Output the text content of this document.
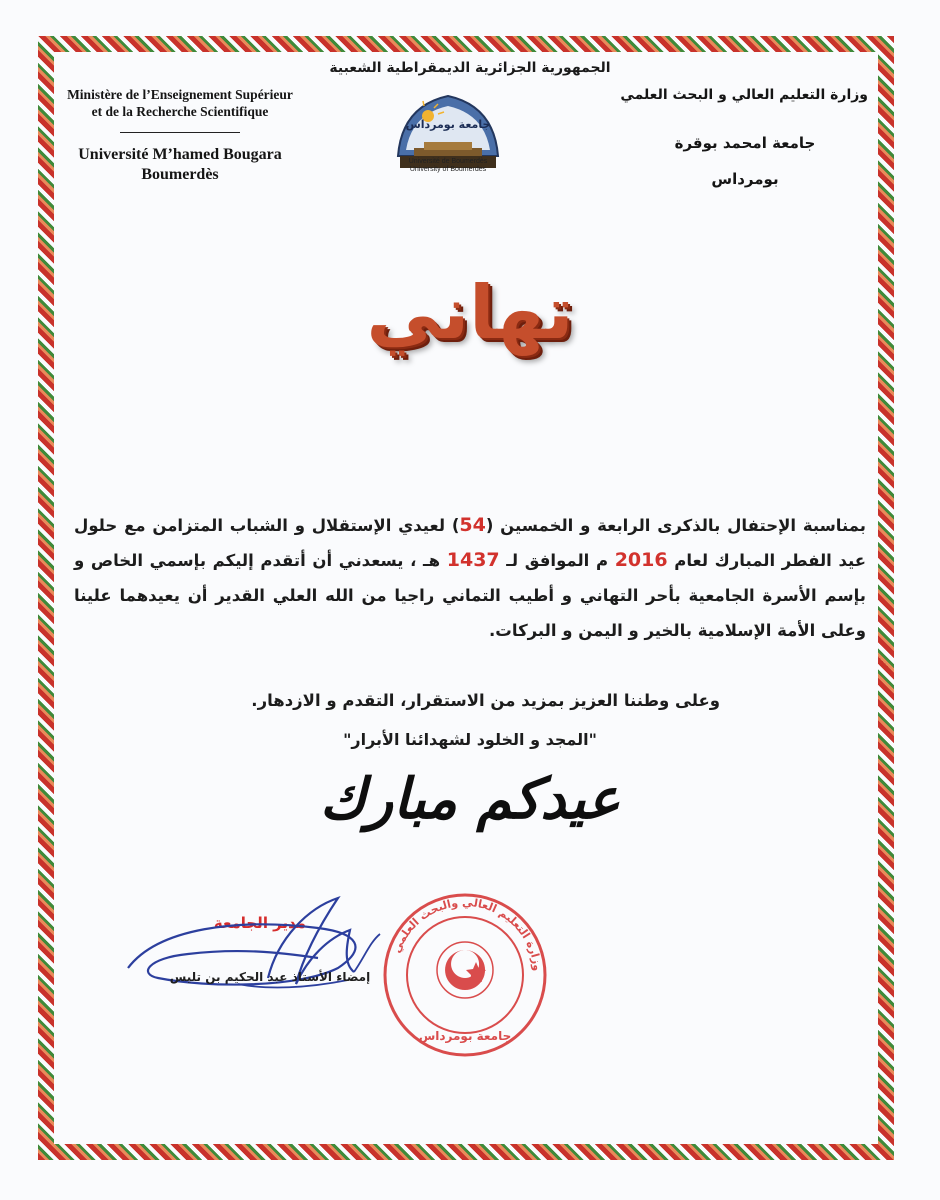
الجمهورية الجزائرية الديمقراطية الشعبية
Ministère de l’Enseignement Supérieur
et de la Recherche Scientifique
Université M’hamed Bougara
Boumerdès
وزارة التعليم العالي و البحث العلمي
جامعة امحمد بوقرة
بومرداس
جامعة بومرداس
Université de Boumerdès
University of Boumerdes
تهاني
بمناسبة الإحتفال بالذكرى الرابعة و الخمسين (54) لعيدي الإستقلال و الشباب المتزامن مع حلول عيد الفطر المبارك لعام 2016 م الموافق لـ 1437 هـ ، يسعدني أن أتقدم إليكم بإسمي الخاص و بإسم الأسرة الجامعية بأحر التهاني و أطيب التماني راجيا من الله العلي القدير أن يعيدهما علينا وعلى الأمة الإسلامية بالخير و اليمن و البركات.
وعلى وطننا العزيز بمزيد من الاستقرار، التقدم و الازدهار.
"المجد و الخلود لشهدائنا الأبرار"
عيدكم مبارك
مدير الجامعة
إمضاء الأستاذ عبد الحكيم بن تليس
وزارة التعليم العالي والبحث العلمي
جامعة بومرداس
